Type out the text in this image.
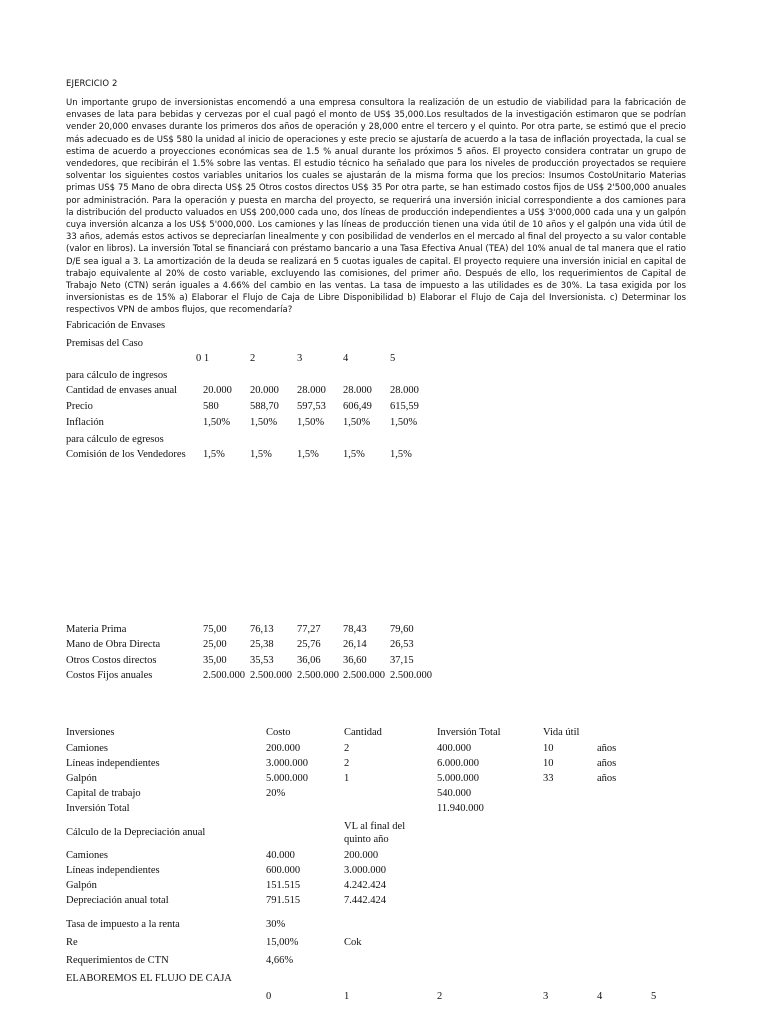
EJERCICIO 2
Un importante grupo de inversionistas encomendó a una empresa consultora la realización de un estudio de viabilidad para la fabricación de envases de lata para bebidas y cervezas por el cual pagó el monto de US$ 35,000.Los resultados de la investigación estimaron que se podrían vender 20,000 envases durante los primeros dos años de operación y 28,000 entre el tercero y el quinto. Por otra parte, se estimó que el precio más adecuado es de US$ 580 la unidad al inicio de operaciones y este precio se ajustaría de acuerdo a la tasa de inflación proyectada, la cual se estima de acuerdo a proyecciones económicas sea de 1.5 % anual durante los próximos 5 años. El proyecto considera contratar un grupo de vendedores, que recibirán el 1.5% sobre las ventas. El estudio técnico ha señalado que para los niveles de producción proyectados se requiere solventar los siguientes costos variables unitarios los cuales se ajustarán de la misma forma que los precios: Insumos CostoUnitario Materias primas US$ 75 Mano de obra directa US$ 25 Otros costos directos US$ 35 Por otra parte, se han estimado costos fijos de US$ 2'500,000 anuales por administración. Para la operación y puesta en marcha del proyecto, se requerirá una inversión inicial correspondiente a dos camiones para la distribución del producto valuados en US$ 200,000 cada uno, dos líneas de producción independientes a US$ 3'000,000 cada una y un galpón cuya inversión alcanza a los US$ 5'000,000. Los camiones y las líneas de producción tienen una vida útil de 10 años y el galpón una vida útil de 33 años, además estos activos se depreciarían linealmente y con posibilidad de venderlos en el mercado al final del proyecto a su valor contable (valor en libros). La inversión Total se financiará con préstamo bancario a una Tasa Efectiva Anual (TEA) del 10% anual de tal manera que el ratio D/E sea igual a 3. La amortización de la deuda se realizará en 5 cuotas iguales de capital. El proyecto requiere una inversión inicial en capital de trabajo equivalente al 20% de costo variable, excluyendo las comisiones, del primer año. Después de ello, los requerimientos de Capital de Trabajo Neto (CTN) serán iguales a 4.66% del cambio en las ventas. La tasa de impuesto a las utilidades es de 30%. La tasa exigida por los inversionistas es de 15% a) Elaborar el Flujo de Caja de Libre Disponibilidad b) Elaborar el Flujo de Caja del Inversionista. c) Determinar los respectivos VPN de ambos flujos, que recomendaría?
Fabricación de Envases
Premisas del Caso
0 1	2	3	4	5
para cálculo de ingresos
Cantidad de envases anual 20.000 20.000 28.000 28.000 28.000
Precio	580	588,70 597,53 606,49 615,59
Inflación	1,50% 1,50% 1,50% 1,50% 1,50%
para cálculo de egresos
Comisión de los Vendedores 1,5% 1,5% 1,5% 1,5% 1,5%
Materia Prima	75,00 76,13 77,27 78,43 79,60
Mano de Obra Directa	25,00 25,38 25,76 26,14 26,53
Otros Costos directos	35,00 35,53 36,06 36,60 37,15
Costos Fijos anuales	2.500.000 2.500.000 2.500.000 2.500.000 2.500.000
Inversiones	Costo	Cantidad	Inversión Total	Vida útil
Camiones	200.000	2	400.000	10	años
Líneas independientes	3.000.000	2	6.000.000	10	años
Galpón	5.000.000	1	5.000.000	33	años
Capital de trabajo	20%	540.000
Inversión Total	11.940.000
Cálculo de la Depreciación anual
VL al final del quinto año
Camiones	40.000	200.000
Líneas independientes	600.000	3.000.000
Galpón	151.515	4.242.424
Depreciación anual total	791.515	7.442.424
Tasa de impuesto a la renta	30%
Re	15,00%	Cok
Requerimientos de CTN	4,66%
ELABOREMOS EL FLUJO DE CAJA
0	1	2	3	4	5
